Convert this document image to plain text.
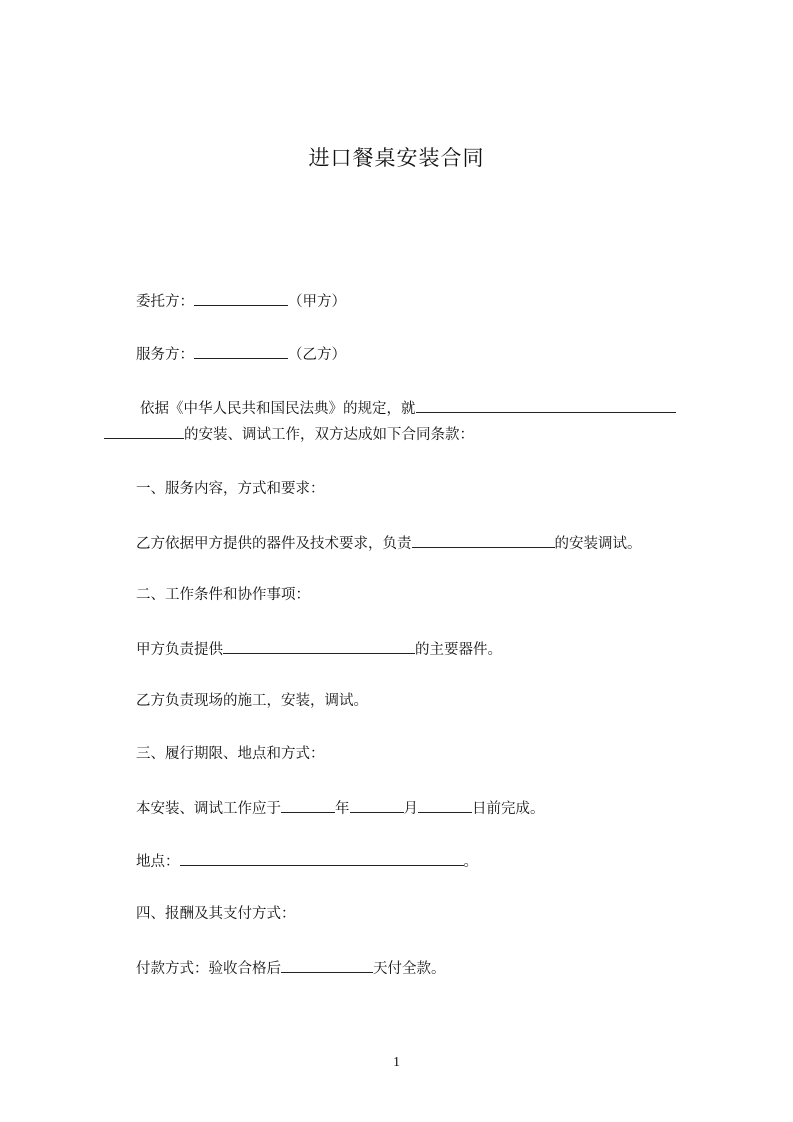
进口餐桌安装合同
委托方：	（甲方）
服务方：	（乙方）
依据《中华人民共和国民法典》的规定，就
的安装、调试工作，双方达成如下合同条款：
一、服务内容，方式和要求：
乙方依据甲方提供的器件及技术要求，负责	的安装调试。
二、工作条件和协作事项：
甲方负责提供	的主要器件。
乙方负责现场的施工，安装，调试。
三、履行期限、地点和方式：
本安装、调试工作应于	年	月	日前完成。
地点：	。
四、报酬及其支付方式：
付款方式：验收合格后	天付全款。
1
